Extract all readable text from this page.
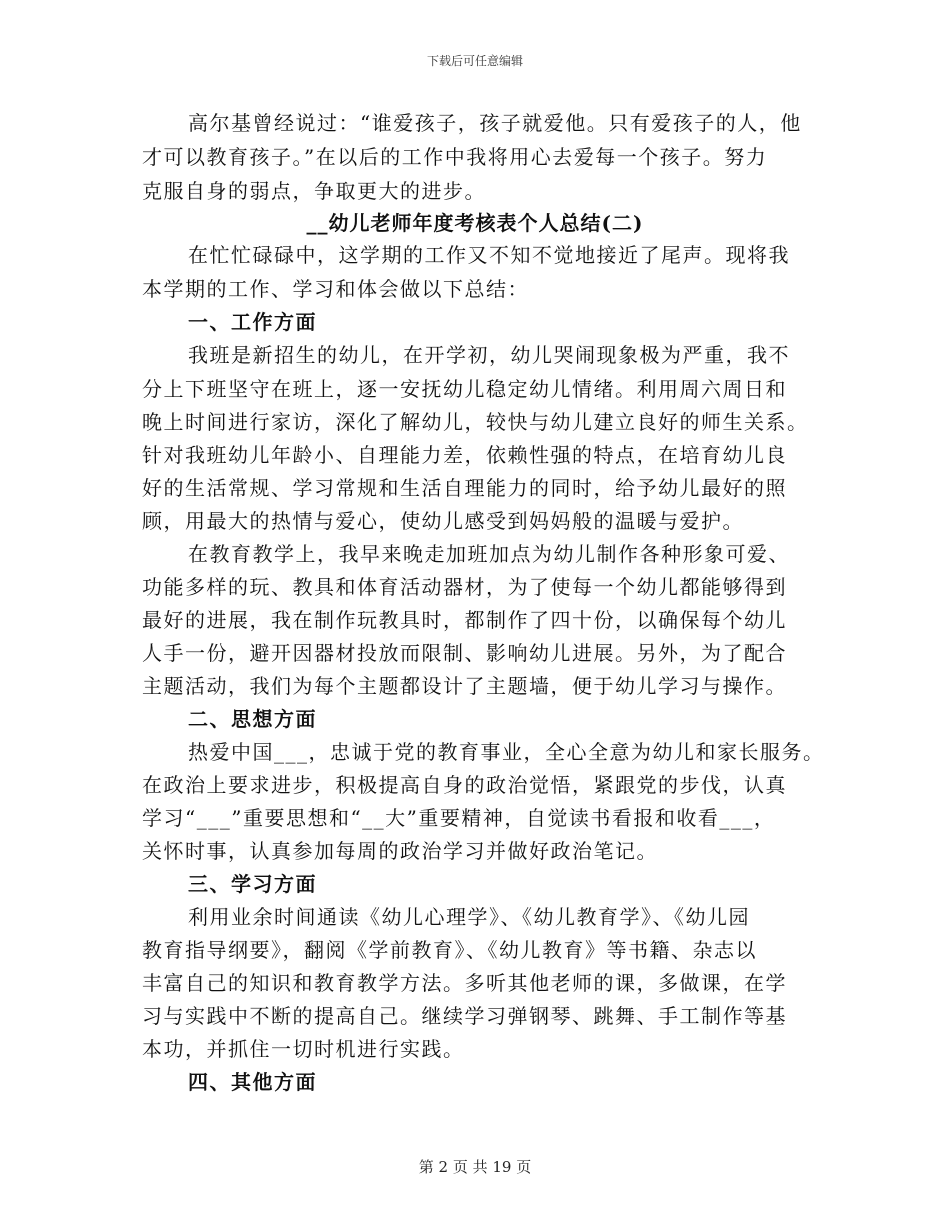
下载后可任意编辑
高尔基曾经说过：“谁爱孩子，孩子就爱他。只有爱孩子的人，他
才可以教育孩子。”在以后的工作中我将用心去爱每一个孩子。努力
克服自身的弱点，争取更大的进步。
__幼儿老师年度考核表个人总结(二)
在忙忙碌碌中，这学期的工作又不知不觉地接近了尾声。现将我
本学期的工作、学习和体会做以下总结：
一、工作方面
我班是新招生的幼儿，在开学初，幼儿哭闹现象极为严重，我不
分上下班坚守在班上，逐一安抚幼儿稳定幼儿情绪。利用周六周日和
晚上时间进行家访，深化了解幼儿，较快与幼儿建立良好的师生关系。
针对我班幼儿年龄小、自理能力差，依赖性强的特点，在培育幼儿良
好的生活常规、学习常规和生活自理能力的同时，给予幼儿最好的照
顾，用最大的热情与爱心，使幼儿感受到妈妈般的温暖与爱护。
在教育教学上，我早来晚走加班加点为幼儿制作各种形象可爱、
功能多样的玩、教具和体育活动器材，为了使每一个幼儿都能够得到
最好的进展，我在制作玩教具时，都制作了四十份，以确保每个幼儿
人手一份，避开因器材投放而限制、影响幼儿进展。另外，为了配合
主题活动，我们为每个主题都设计了主题墙，便于幼儿学习与操作。
二、思想方面
热爱中国___，忠诚于党的教育事业，全心全意为幼儿和家长服务。
在政治上要求进步，积极提高自身的政治觉悟，紧跟党的步伐，认真
学习“___”重要思想和“__大”重要精神，自觉读书看报和收看___，
关怀时事，认真参加每周的政治学习并做好政治笔记。
三、学习方面
利用业余时间通读《幼儿心理学》、《幼儿教育学》、《幼儿园
教育指导纲要》，翻阅《学前教育》、《幼儿教育》等书籍、杂志以
丰富自己的知识和教育教学方法。多听其他老师的课，多做课，在学
习与实践中不断的提高自己。继续学习弹钢琴、跳舞、手工制作等基
本功，并抓住一切时机进行实践。
四、其他方面
第 2 页 共 19 页
